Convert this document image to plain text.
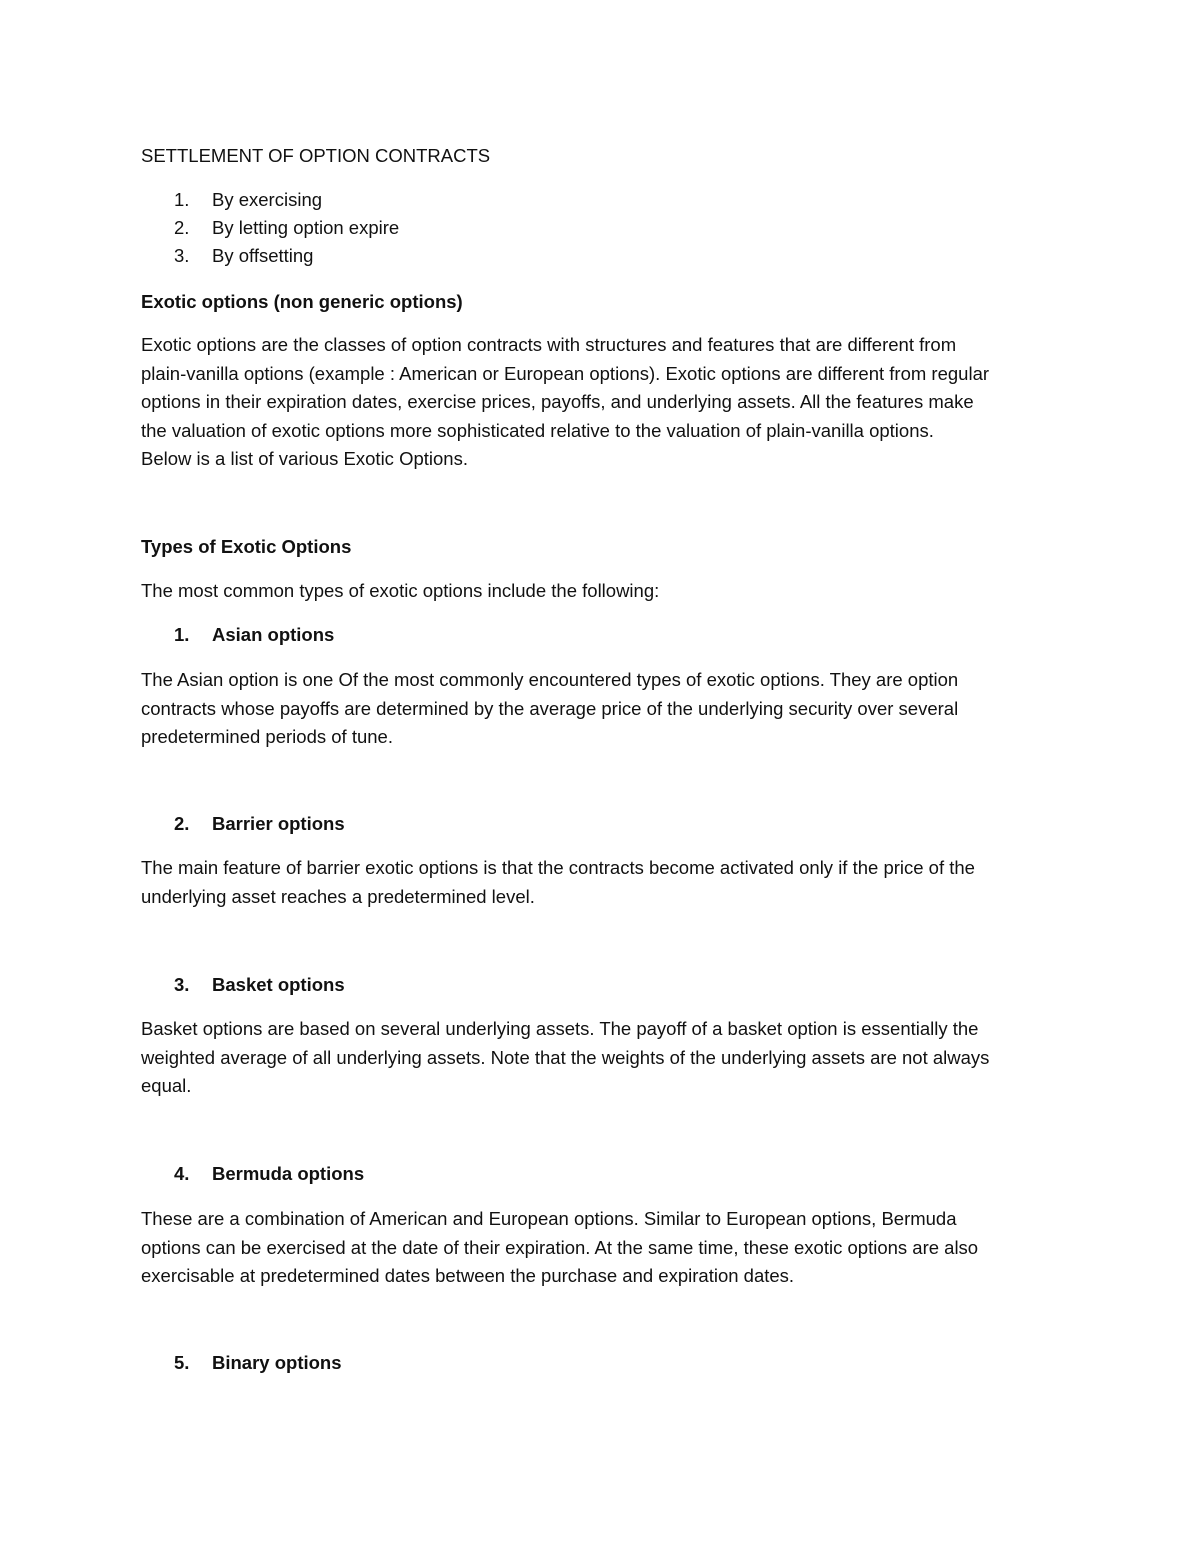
SETTLEMENT OF OPTION CONTRACTS
1. By exercising
2. By letting option expire
3. By offsetting
Exotic options (non generic options)
Exotic options are the classes of option contracts with structures and features that are different from
plain-vanilla options (example : American or European options). Exotic options are different from regular
options in their expiration dates, exercise prices, payoffs, and underlying assets. All the features make
the valuation of exotic options more sophisticated relative to the valuation of plain-vanilla options.
Below is a list of various Exotic Options.
Types of Exotic Options
The most common types of exotic options include the following:
1. Asian options
The Asian option is one Of the most commonly encountered types of exotic options. They are option
contracts whose payoffs are determined by the average price of the underlying security over several
predetermined periods of tune.
2. Barrier options
The main feature of barrier exotic options is that the contracts become activated only if the price of the
underlying asset reaches a predetermined level.
3. Basket options
Basket options are based on several underlying assets. The payoff of a basket option is essentially the
weighted average of all underlying assets. Note that the weights of the underlying assets are not always
equal.
4. Bermuda options
These are a combination of American and European options. Similar to European options, Bermuda
options can be exercised at the date of their expiration. At the same time, these exotic options are also
exercisable at predetermined dates between the purchase and expiration dates.
5. Binary options
